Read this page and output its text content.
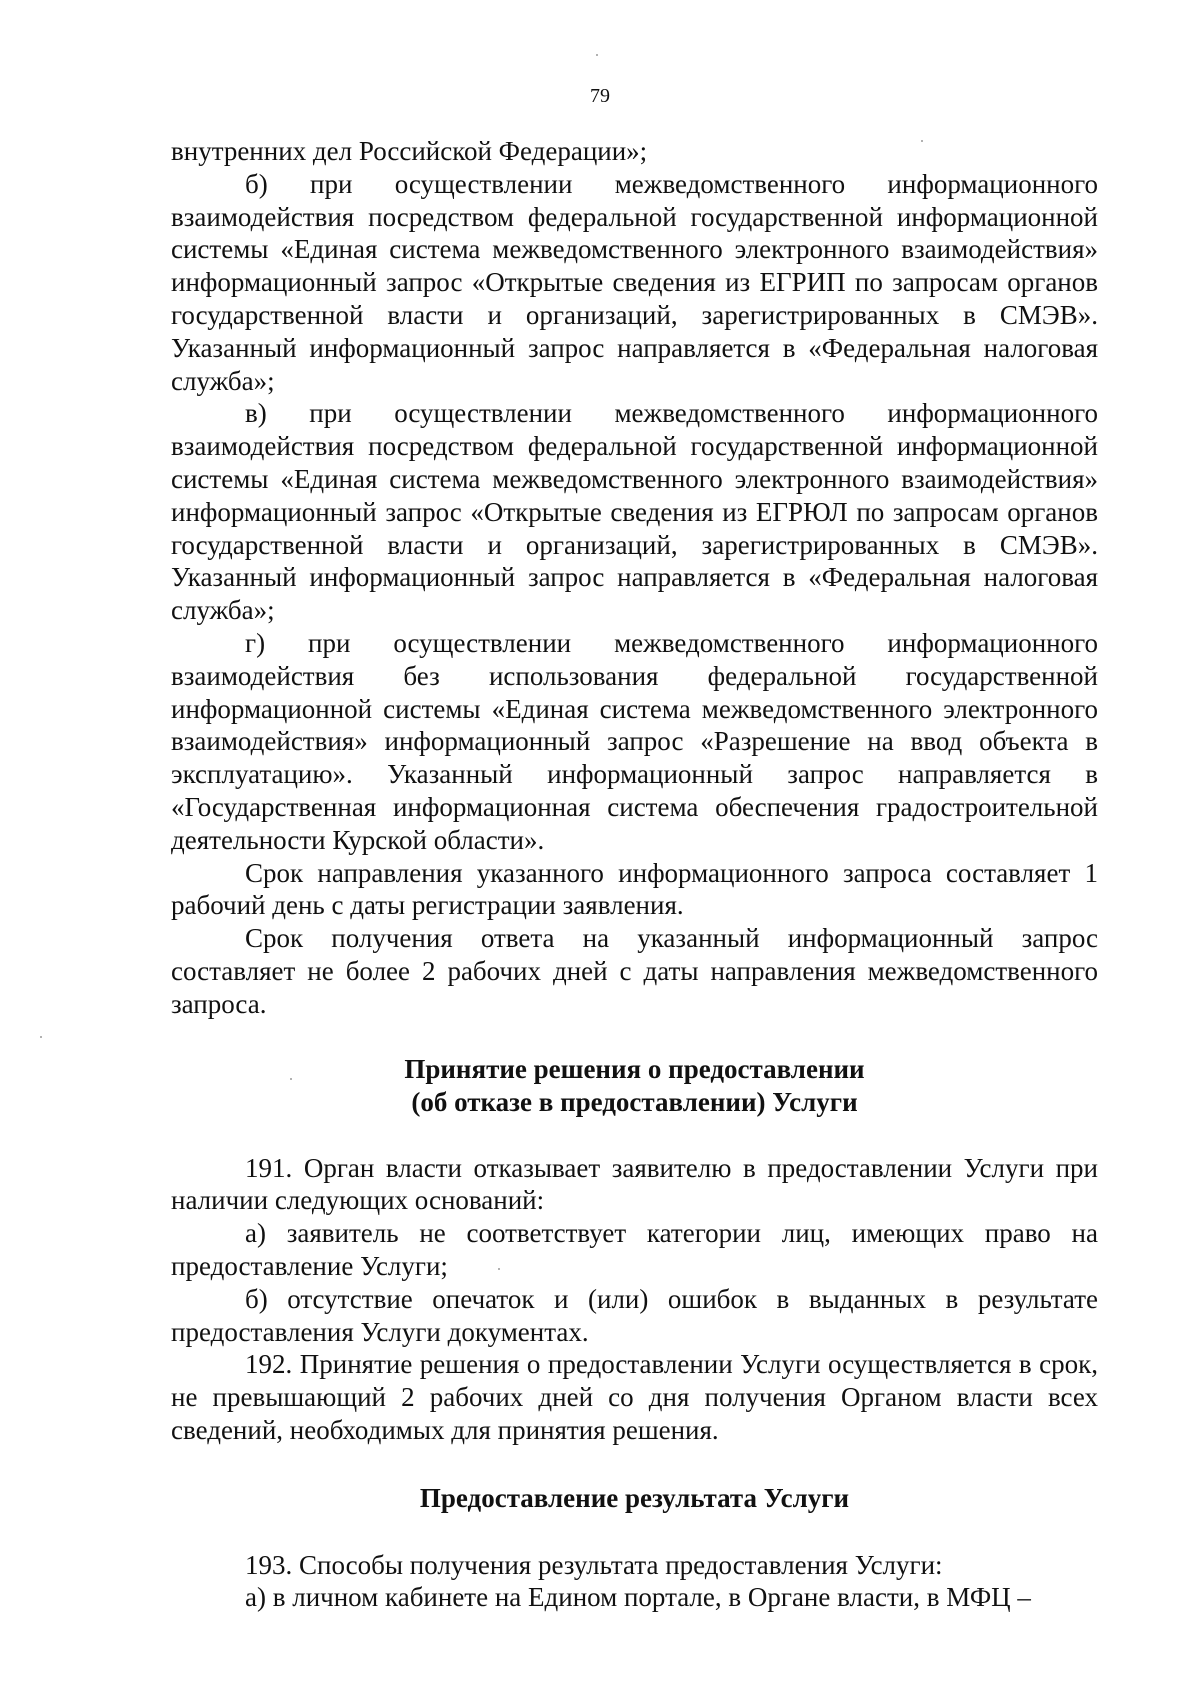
79

внутренних дел Российской Федерации»;

б) при осуществлении межведомственного информационного взаимодействия посредством федеральной государственной информационной системы «Единая система межведомственного электронного взаимодействия» информационный запрос «Открытые сведения из ЕГРИП по запросам органов государственной власти и организаций, зарегистрированных в СМЭВ». Указанный информационный запрос направляется в «Федеральная налоговая служба»;

в) при осуществлении межведомственного информационного взаимодействия посредством федеральной государственной информационной системы «Единая система межведомственного электронного взаимодействия» информационный запрос «Открытые сведения из ЕГРЮЛ по запросам органов государственной власти и организаций, зарегистрированных в СМЭВ». Указанный информационный запрос направляется в «Федеральная налоговая служба»;

г) при осуществлении межведомственного информационного взаимодействия без использования федеральной государственной информационной системы «Единая система межведомственного электронного взаимодействия» информационный запрос «Разрешение на ввод объекта в эксплуатацию». Указанный информационный запрос направляется в «Государственная информационная система обеспечения градостроительной деятельности Курской области».

Срок направления указанного информационного запроса составляет 1 рабочий день с даты регистрации заявления.

Срок получения ответа на указанный информационный запрос составляет не более 2 рабочих дней с даты направления межведомственного запроса.

Принятие решения о предоставлении
(об отказе в предоставлении) Услуги

191. Орган власти отказывает заявителю в предоставлении Услуги при наличии следующих оснований:

а) заявитель не соответствует категории лиц, имеющих право на предоставление Услуги;

б) отсутствие опечаток и (или) ошибок в выданных в результате предоставления Услуги документах.

192. Принятие решения о предоставлении Услуги осуществляется в срок, не превышающий 2 рабочих дней со дня получения Органом власти всех сведений, необходимых для принятия решения.

Предоставление результата Услуги

193. Способы получения результата предоставления Услуги:

а) в личном кабинете на Едином портале, в Органе власти, в МФЦ –
